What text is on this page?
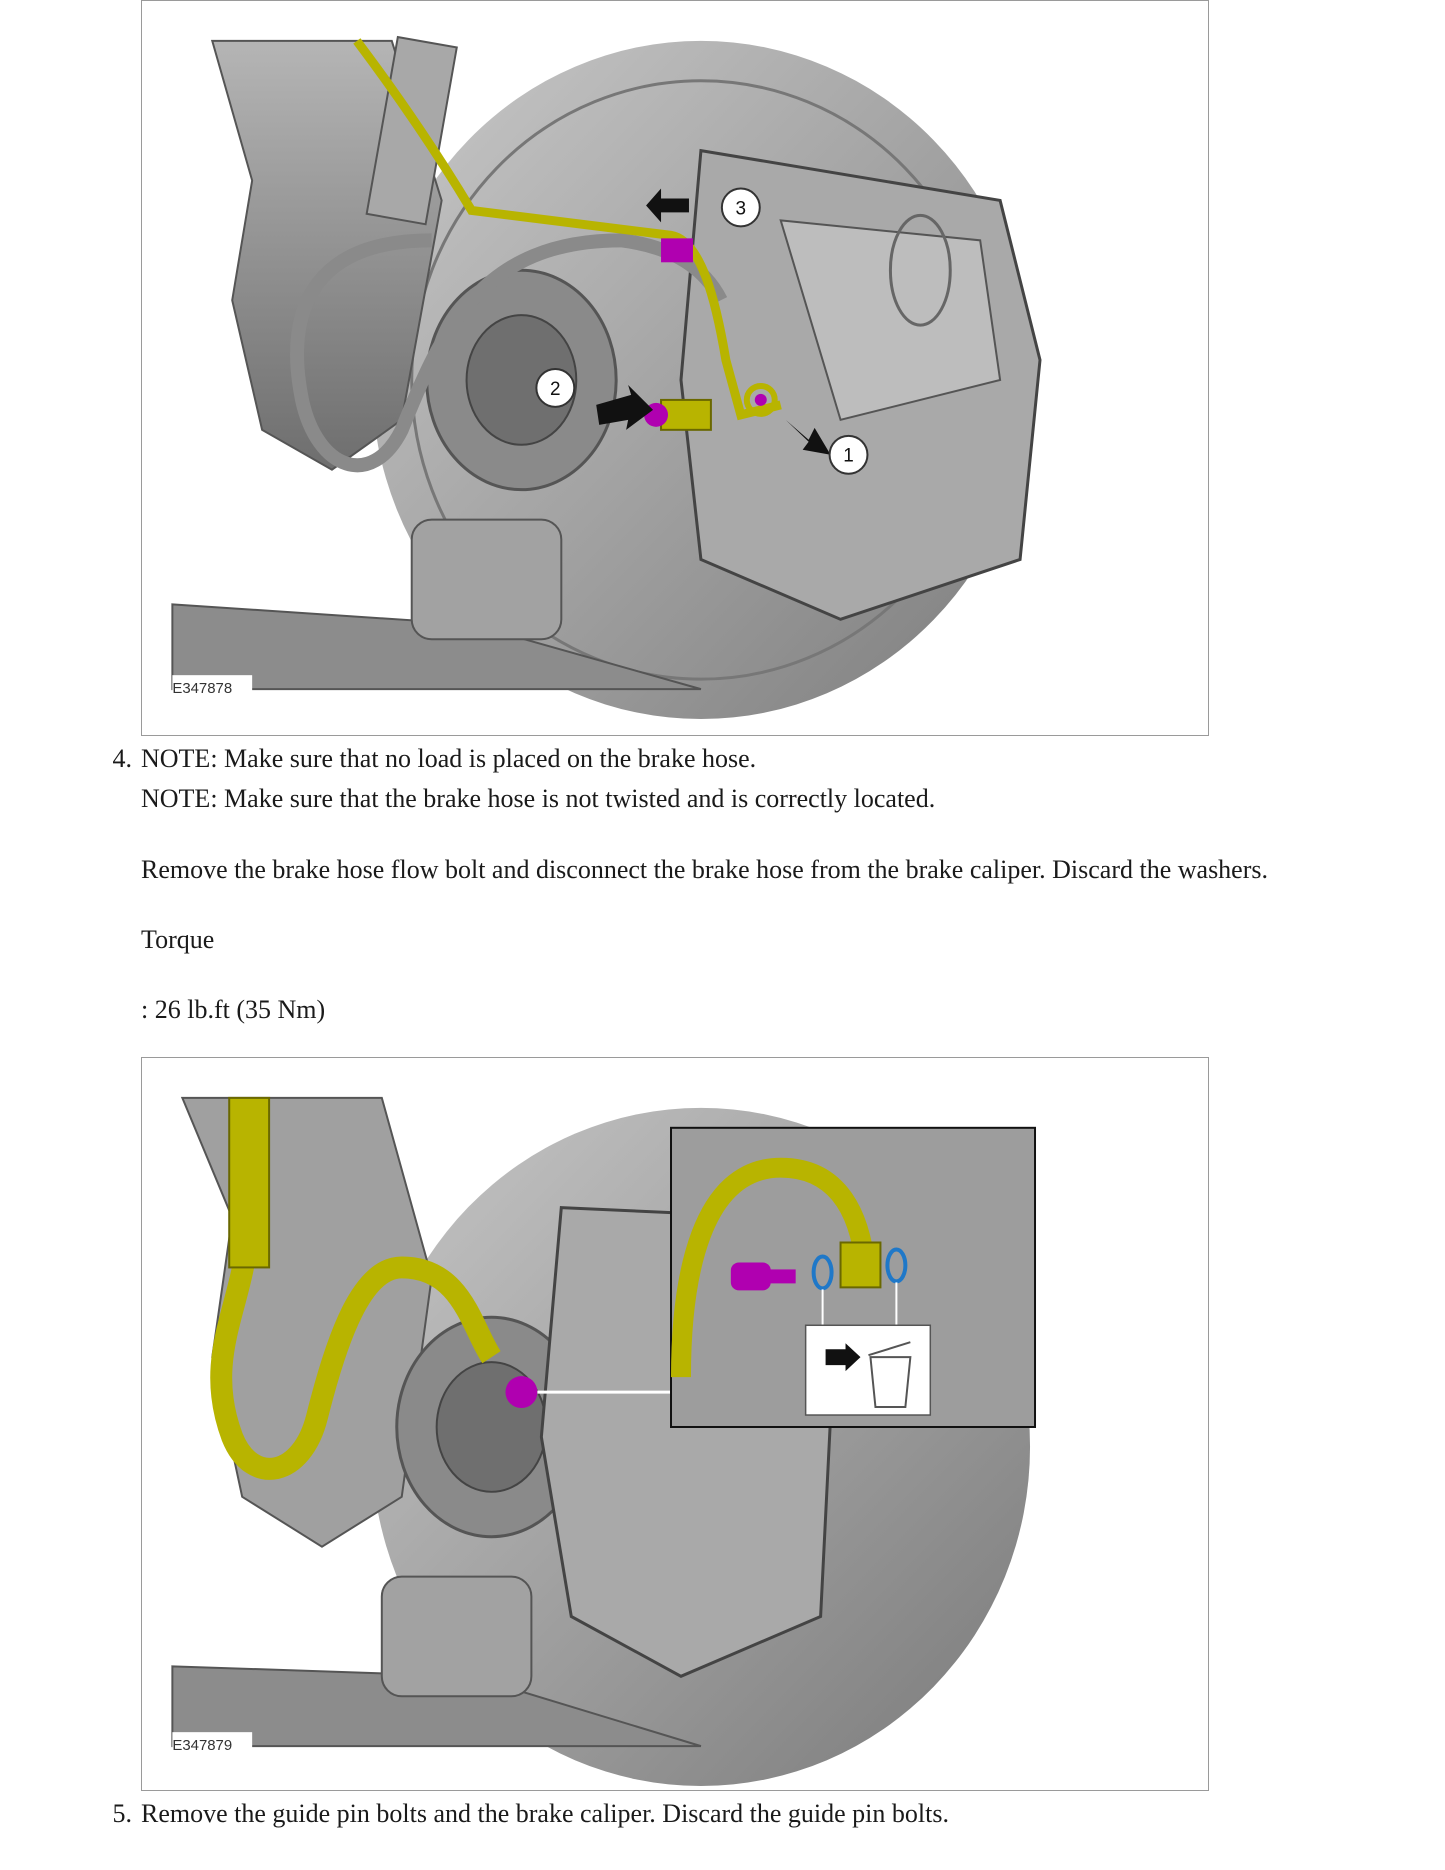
1
2
3
E347878
4. NOTE: Make sure that no load is placed on the brake hose.
NOTE: Make sure that the brake hose is not twisted and is correctly located.
Remove the brake hose flow bolt and disconnect the brake hose from the brake caliper. Discard the washers.
Torque
: 26 lb.ft (35 Nm)
E347879
5. Remove the guide pin bolts and the brake caliper. Discard the guide pin bolts.
